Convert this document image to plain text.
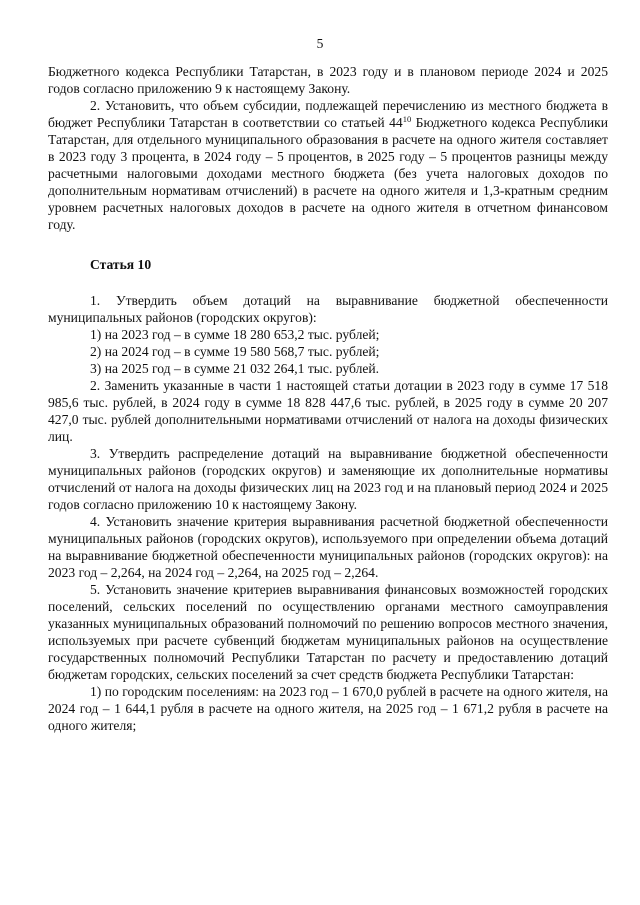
5

Бюджетного кодекса Республики Татарстан, в 2023 году и в плановом периоде 2024 и 2025 годов согласно приложению 9 к настоящему Закону.

2. Установить, что объем субсидии, подлежащей перечислению из местного бюджета в бюджет Республики Татарстан в соответствии со статьей $44^{10}$ Бюджетного кодекса Республики Татарстан, для отдельного муниципального образования в расчете на одного жителя составляет в 2023 году 3 процента, в 2024 году – 5 процентов, в 2025 году – 5 процентов разницы между расчетными налоговыми доходами местного бюджета (без учета налоговых доходов по дополнительным нормативам отчислений) в расчете на одного жителя и 1,3-кратным средним уровнем расчетных налоговых доходов в расчете на одного жителя в отчетном финансовом году.

Статья 10

1. Утвердить объем дотаций на выравнивание бюджетной обеспеченности муниципальных районов (городских округов):

1) на 2023 год – в сумме 18 280 653,2 тыс. рублей;

2) на 2024 год – в сумме 19 580 568,7 тыс. рублей;

3) на 2025 год – в сумме 21 032 264,1 тыс. рублей.

2. Заменить указанные в части 1 настоящей статьи дотации в 2023 году в сумме 17 518 985,6 тыс. рублей, в 2024 году в сумме 18 828 447,6 тыс. рублей, в 2025 году в сумме 20 207 427,0 тыс. рублей дополнительными нормативами отчислений от налога на доходы физических лиц.

3. Утвердить распределение дотаций на выравнивание бюджетной обеспеченности муниципальных районов (городских округов) и заменяющие их дополнительные нормативы отчислений от налога на доходы физических лиц на 2023 год и на плановый период 2024 и 2025 годов согласно приложению 10 к настоящему Закону.

4. Установить значение критерия выравнивания расчетной бюджетной обеспеченности муниципальных районов (городских округов), используемого при определении объема дотаций на выравнивание бюджетной обеспеченности муниципальных районов (городских округов): на 2023 год – 2,264, на 2024 год – 2,264, на 2025 год – 2,264.

5. Установить значение критериев выравнивания финансовых возможностей городских поселений, сельских поселений по осуществлению органами местного самоуправления указанных муниципальных образований полномочий по решению вопросов местного значения, используемых при расчете субвенций бюджетам муниципальных районов на осуществление государственных полномочий Республики Татарстан по расчету и предоставлению дотаций бюджетам городских, сельских поселений за счет средств бюджета Республики Татарстан:

1) по городским поселениям: на 2023 год – 1 670,0 рублей в расчете на одного жителя, на 2024 год – 1 644,1 рубля в расчете на одного жителя, на 2025 год – 1 671,2 рубля в расчете на одного жителя;
